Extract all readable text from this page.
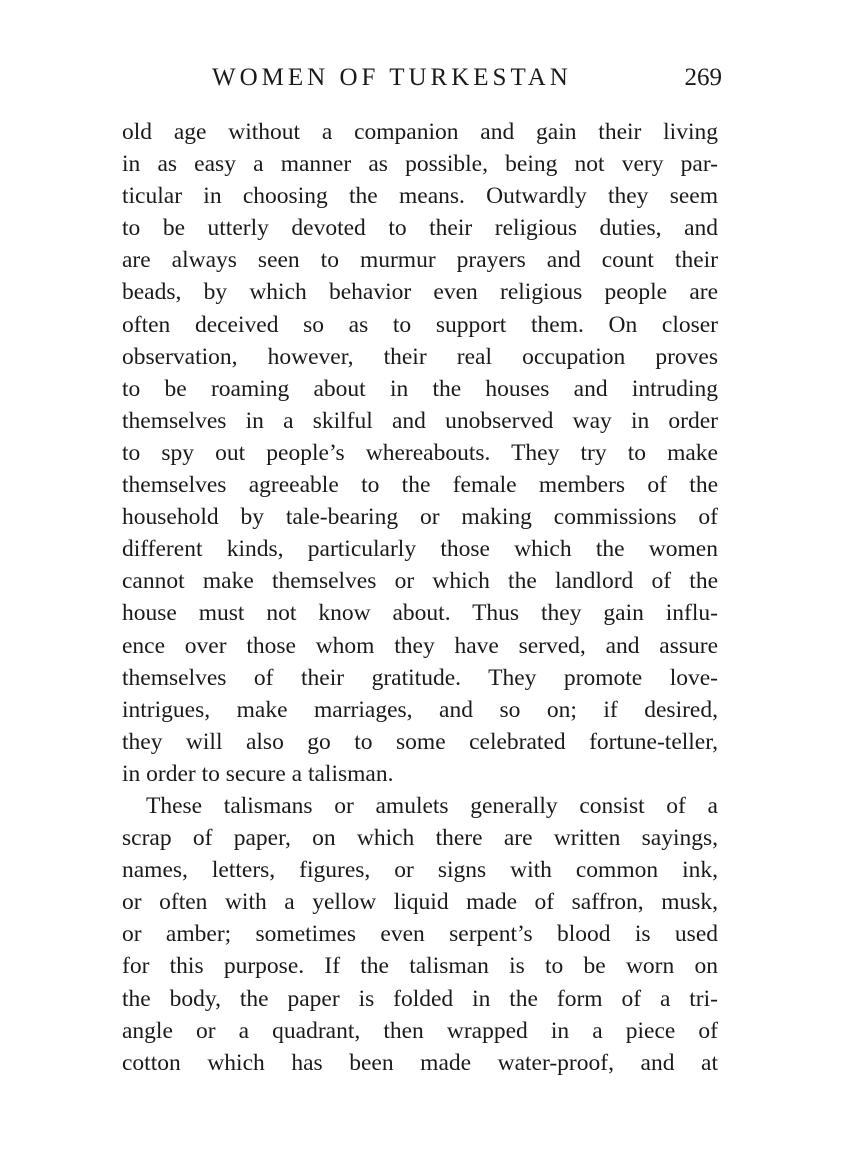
WOMEN OF TURKESTAN	269
old age without a companion and gain their living
in as easy a manner as possible, being not very par-
ticular in choosing the means. Outwardly they seem
to be utterly devoted to their religious duties, and
are always seen to murmur prayers and count their
beads, by which behavior even religious people are
often deceived so as to support them. On closer
observation, however, their real occupation proves
to be roaming about in the houses and intruding
themselves in a skilful and unobserved way in order
to spy out people’s whereabouts. They try to make
themselves agreeable to the female members of the
household by tale-bearing or making commissions of
different kinds, particularly those which the women
cannot make themselves or which the landlord of the
house must not know about. Thus they gain influ-
ence over those whom they have served, and assure
themselves of their gratitude. They promote love-
intrigues, make marriages, and so on; if desired,
they will also go to some celebrated fortune-teller,
in order to secure a talisman.
These talismans or amulets generally consist of a
scrap of paper, on which there are written sayings,
names, letters, figures, or signs with common ink,
or often with a yellow liquid made of saffron, musk,
or amber; sometimes even serpent’s blood is used
for this purpose. If the talisman is to be worn on
the body, the paper is folded in the form of a tri-
angle or a quadrant, then wrapped in a piece of
cotton which has been made water-proof, and at
